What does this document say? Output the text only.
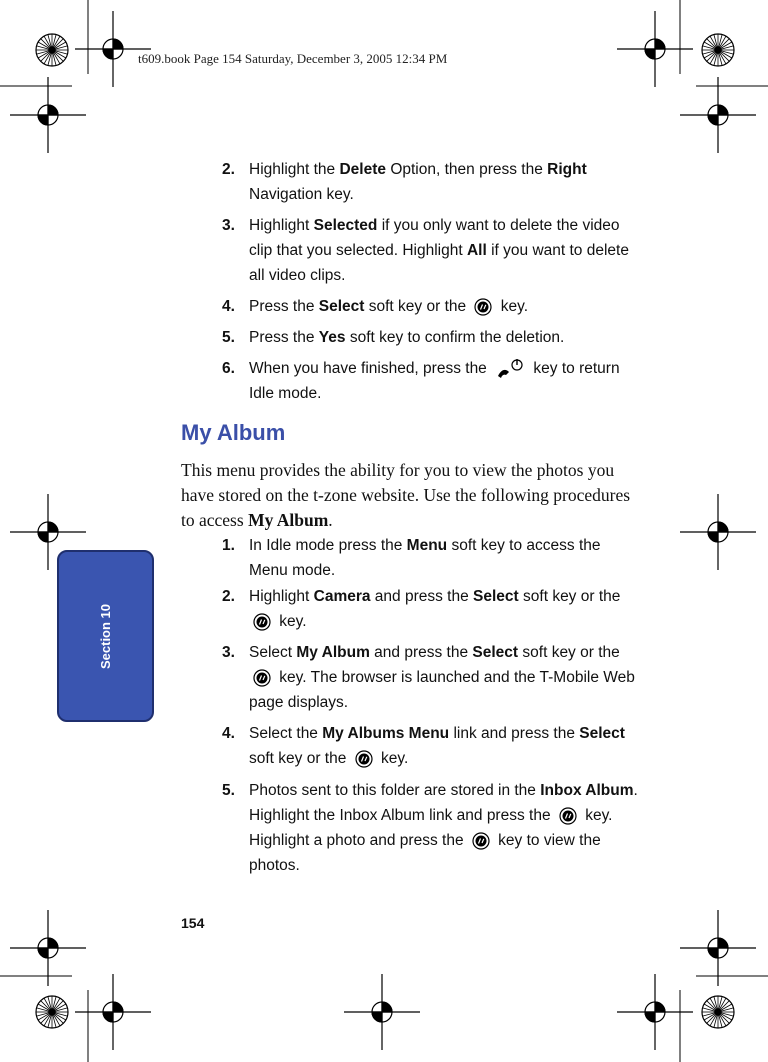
t609.book Page 154 Saturday, December 3, 2005 12:34 PM
2. Highlight the Delete Option, then press the Right Navigation key.
3. Highlight Selected if you only want to delete the video clip that you selected. Highlight All if you want to delete all video clips.
4. Press the Select soft key or the  key.
5. Press the Yes soft key to confirm the deletion.
6. When you have finished, press the  key to return Idle mode.
My Album
This menu provides the ability for you to view the photos you have stored on the t-zone website. Use the following procedures to access My Album.
1. In Idle mode press the Menu soft key to access the Menu mode.
2. Highlight Camera and press the Select soft key or the  key.
3. Select My Album and press the Select soft key or the  key. The browser is launched and the T-Mobile Web page displays.
4. Select the My Albums Menu link and press the Select soft key or the  key.
5. Photos sent to this folder are stored in the Inbox Album. Highlight the Inbox Album link and press the  key. Highlight a photo and press the  key to view the photos.
Section 10
154
